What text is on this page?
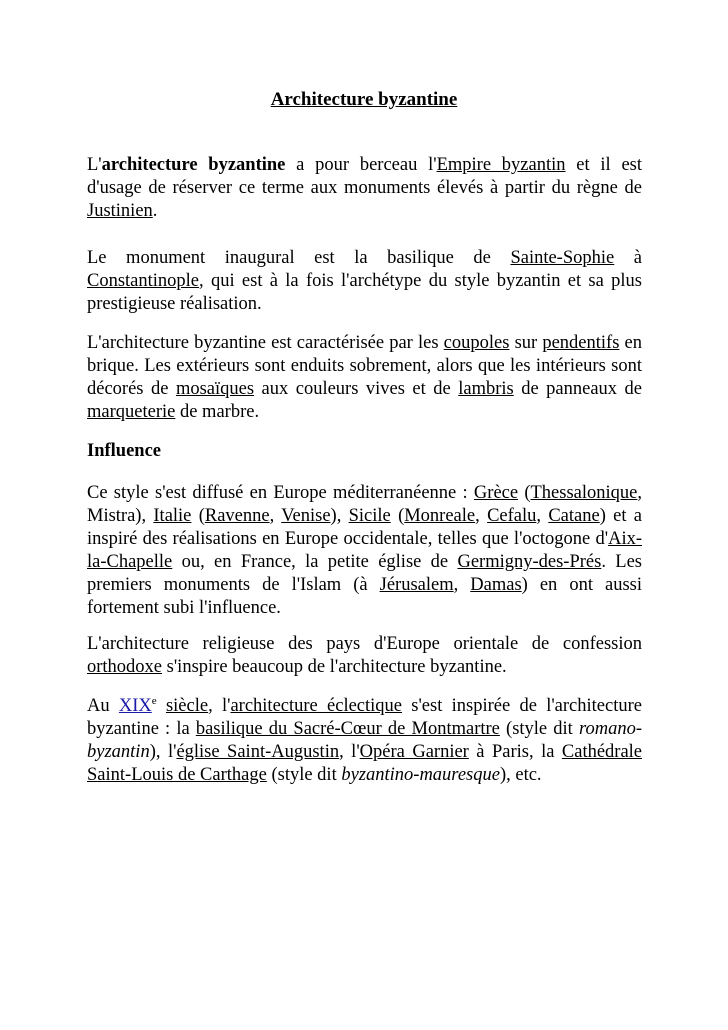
Architecture byzantine

L'architecture byzantine a pour berceau l'Empire byzantin et il est d'usage de réserver ce terme aux monuments élevés à partir du règne de Justinien.

Le monument inaugural est la basilique de Sainte-Sophie à Constantinople, qui est à la fois l'archétype du style byzantin et sa plus prestigieuse réalisation.

L'architecture byzantine est caractérisée par les coupoles sur pendentifs en brique. Les extérieurs sont enduits sobrement, alors que les intérieurs sont décorés de mosaïques aux couleurs vives et de lambris de panneaux de marqueterie de marbre.

Influence

Ce style s'est diffusé en Europe méditerranéenne : Grèce (Thessalonique, Mistra), Italie (Ravenne, Venise), Sicile (Monreale, Cefalu, Catane) et a inspiré des réalisations en Europe occidentale, telles que l'octogone d'Aix-la-Chapelle ou, en France, la petite église de Germigny-des-Prés. Les premiers monuments de l'Islam (à Jérusalem, Damas) en ont aussi fortement subi l'influence.

L'architecture religieuse des pays d'Europe orientale de confession orthodoxe s'inspire beaucoup de l'architecture byzantine.

Au XIXe siècle, l'architecture éclectique s'est inspirée de l'architecture byzantine : la basilique du Sacré-Cœur de Montmartre (style dit romano-byzantin), l'église Saint-Augustin, l'Opéra Garnier à Paris, la Cathédrale Saint-Louis de Carthage (style dit byzantino-mauresque), etc.
